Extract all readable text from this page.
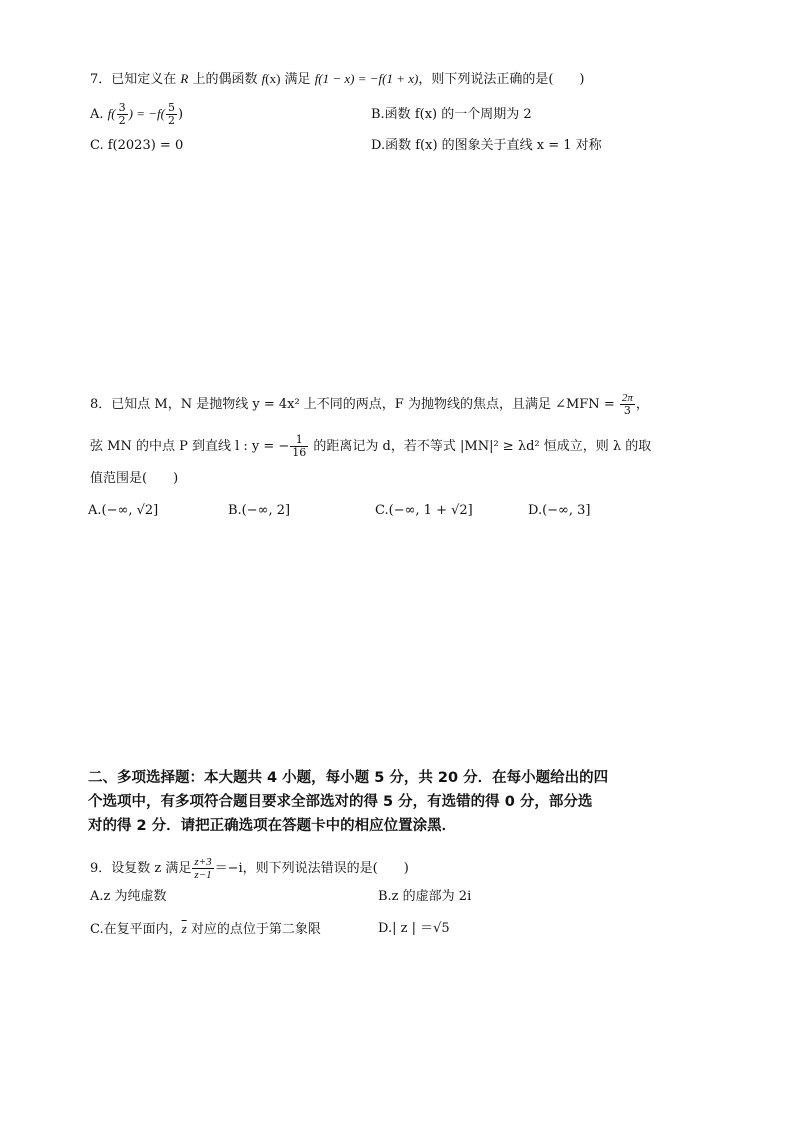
7．已知定义在 R 上的偶函数 f(x) 满足 f(1 − x) = −f(1 + x)，则下列说法正确的是(　　)
A. $f( \frac{3}{2}$ ) = $-f( \frac{5}{2}$ )	B.函数 f(x) 的一个周期为 2
C. f(2023) = 0	D.函数 f(x) 的图象关于直线 x = 1 对称
8．已知点 M，N 是抛物线 y = 4x² 上不同的两点，F 为抛物线的焦点，且满足 ∠MFN = $\frac{2\pi}{3}$ ，
弦 MN 的中点 P 到直线 l : y = − $\frac{1}{16}$ 的距离记为 d，若不等式 |MN|² ≥ λd² 恒成立，则 λ 的取
值范围是(　　)
A.(−∞, √2]	B.(−∞, 2]	C.(−∞, 1 + √2]	D.(−∞, 3]
二、多项选择题：本大题共 4 小题，每小题 5 分，共 20 分．在每小题给出的四
个选项中，有多项符合题目要求全部选对的得 5 分，有选错的得 0 分，部分选
对的得 2 分．请把正确选项在答题卡中的相应位置涂黑．
9．设复数 z 满足 $\frac{z+3}{z-1} =-i$，则下列说法错误的是(　　)
A.z 为纯虚数	B.z 的虚部为 2i
C.在复平面内，$\overline{z}$ 对应的点位于第二象限	D.| z | ＝√5
